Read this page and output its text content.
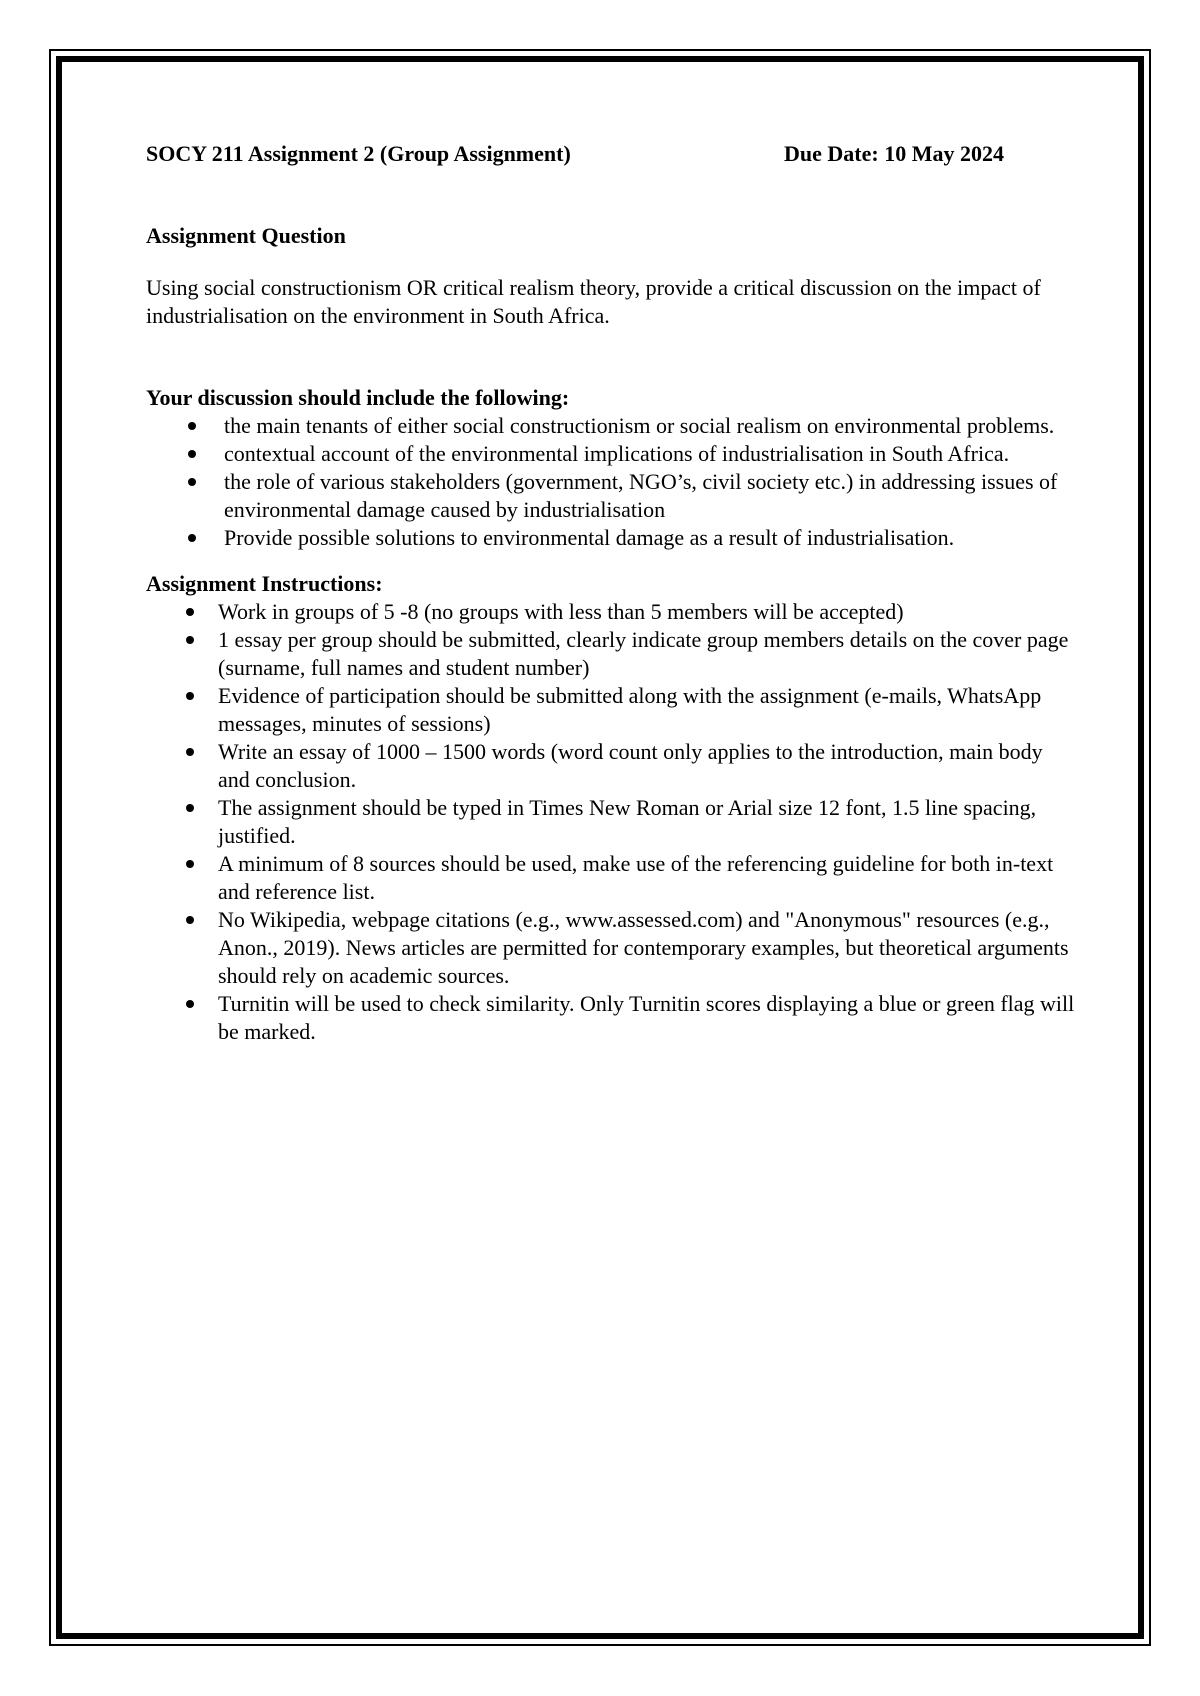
SOCY 211 Assignment 2 (Group Assignment)	Due Date: 10 May 2024
Assignment Question
Using social constructionism OR critical realism theory, provide a critical discussion on the impact of industrialisation on the environment in South Africa.
Your discussion should include the following:
the main tenants of either social constructionism or social realism on environmental problems.
contextual account of the environmental implications of industrialisation in South Africa.
the role of various stakeholders (government, NGO’s, civil society etc.) in addressing issues of environmental damage caused by industrialisation
Provide possible solutions to environmental damage as a result of industrialisation.
Assignment Instructions:
Work in groups of 5 -8 (no groups with less than 5 members will be accepted)
1 essay per group should be submitted, clearly indicate group members details on the cover page (surname, full names and student number)
Evidence of participation should be submitted along with the assignment (e-mails, WhatsApp messages, minutes of sessions)
Write an essay of 1000 – 1500 words (word count only applies to the introduction, main body and conclusion.
The assignment should be typed in Times New Roman or Arial size 12 font, 1.5 line spacing, justified.
A minimum of 8 sources should be used, make use of the referencing guideline for both in-text and reference list.
No Wikipedia, webpage citations (e.g., www.assessed.com) and "Anonymous" resources (e.g., Anon., 2019). News articles are permitted for contemporary examples, but theoretical arguments should rely on academic sources.
Turnitin will be used to check similarity. Only Turnitin scores displaying a blue or green flag will be marked.
